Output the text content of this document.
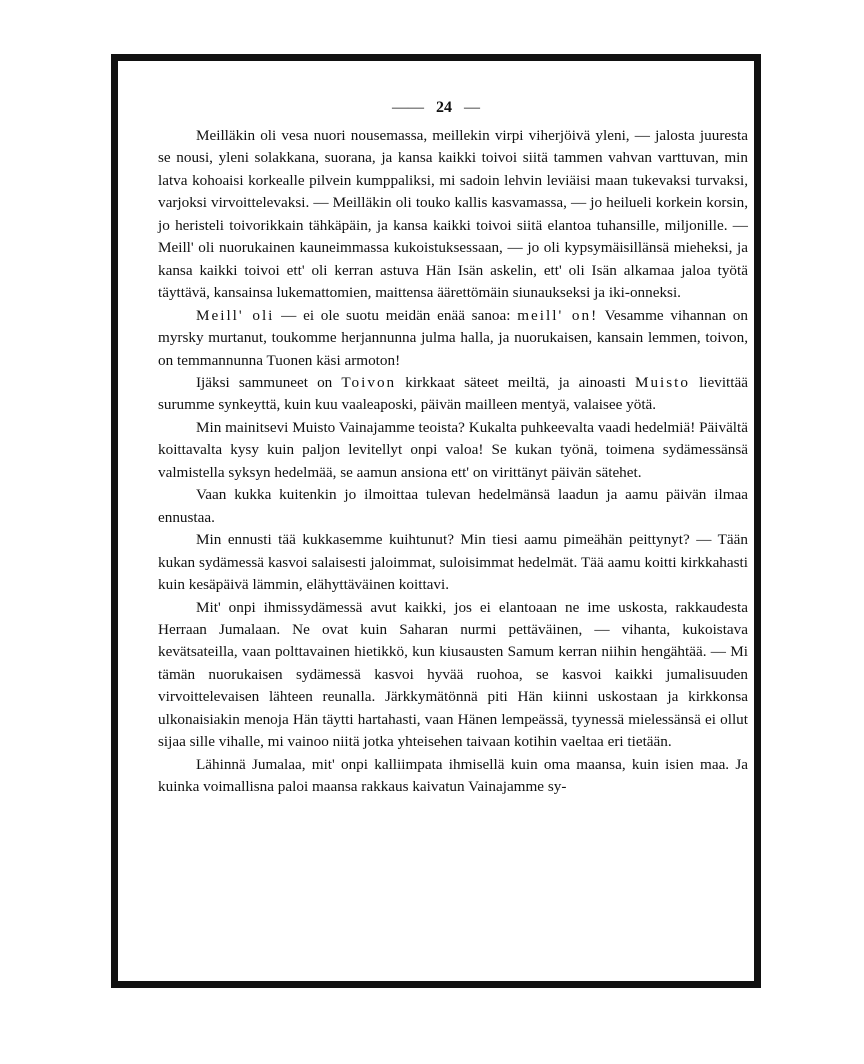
—— 24 —

Meilläkin oli vesa nuori nousemassa, meillekin virpi viherjöivä yleni, — jalosta juuresta se nousi, yleni solakkana, suorana, ja kansa kaikki toivoi siitä tammen vahvan varttuvan, min latva kohoaisi korkealle pilvein kumppaliksi, mi sadoin lehvin leviäisi maan tukevaksi turvaksi, varjoksi virvoittelevaksi. — Meilläkin oli touko kallis kasvamassa, — jo heilueli korkein korsin, jo heristeli toivorikkain tähkäpäin, ja kansa kaikki toivoi siitä elantoa tuhansille, miljonille. — Meill' oli nuorukainen kauneimmassa kukoistuksessaan, — jo oli kypsymäisillänsä mieheksi, ja kansa kaikki toivoi ett' oli kerran astuva Hän Isän askelin, ett' oli Isän alkamaa jaloa työtä täyttävä, kansainsa lukemattomien, maittensa äärettömäin siunaukseksi ja iki-onneksi.

Meill' oli — ei ole suotu meidän enää sanoa: meill' on! Vesamme vihannan on myrsky murtanut, toukomme herjannunna julma halla, ja nuorukaisen, kansain lemmen, toivon, on temmannunna Tuonen käsi armoton!

Ijäksi sammuneet on Toivon kirkkaat säteet meiltä, ja ainoasti Muisto lievittää surumme synkeyttä, kuin kuu vaaleaposki, päivän mailleen mentyä, valaisee yötä.

Min mainitsevi Muisto Vainajamme teoista? Kukalta puhkeevalta vaadi hedelmiä! Päivältä koittavalta kysy kuin paljon levitellyt onpi valoa! Se kukan työnä, toimena sydämessänsä valmistella syksyn hedelmää, se aamun ansiona ett' on virittänyt päivän sätehet.

Vaan kukka kuitenkin jo ilmoittaa tulevan hedelmänsä laadun ja aamu päivän ilmaa ennustaa.

Min ennusti tää kukkasemme kuihtunut? Min tiesi aamu pimeähän peittynyt? — Tään kukan sydämessä kasvoi salaisesti jaloimmat, suloisimmat hedelmät. Tää aamu koitti kirkkahasti kuin kesäpäivä lämmin, elähyttäväinen koittavi.

Mit' onpi ihmissydämessä avut kaikki, jos ei elantoaan ne ime uskosta, rakkaudesta Herraan Jumalaan. Ne ovat kuin Saharan nurmi pettäväinen, — vihanta, kukoistava kevätsateilla, vaan polttavainen hietikkö, kun kiusausten Samum kerran niihin hengähtää. — Mi tämän nuorukaisen sydämessä kasvoi hyvää ruohoa, se kasvoi kaikki jumalisuuden virvoittelevaisen lähteen reunalla. Järkkymätönnä piti Hän kiinni uskostaan ja kirkkonsa ulkonaisiakin menoja Hän täytti hartahasti, vaan Hänen lempeässä, tyynessä mielessänsä ei ollut sijaa sille vihalle, mi vainoo niitä jotka yhteisehen taivaan kotihin vaeltaa eri tietään.

Lähinnä Jumalaa, mit' onpi kalliimpata ihmisellä kuin oma maansa, kuin isien maa. Ja kuinka voimallisna paloi maansa rakkaus kaivatun Vainajamme sy-
